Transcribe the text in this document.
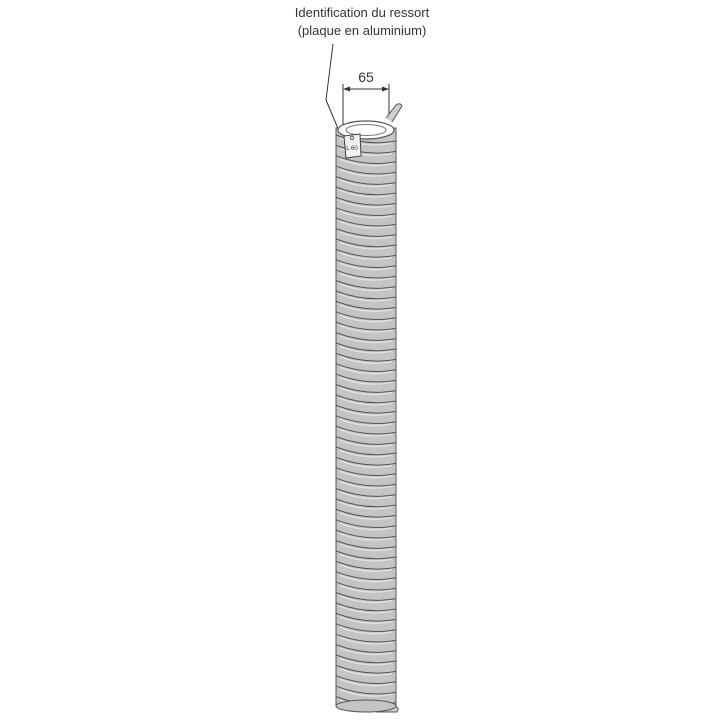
Identification du ressort
(plaque en aluminium)
65
L 60
